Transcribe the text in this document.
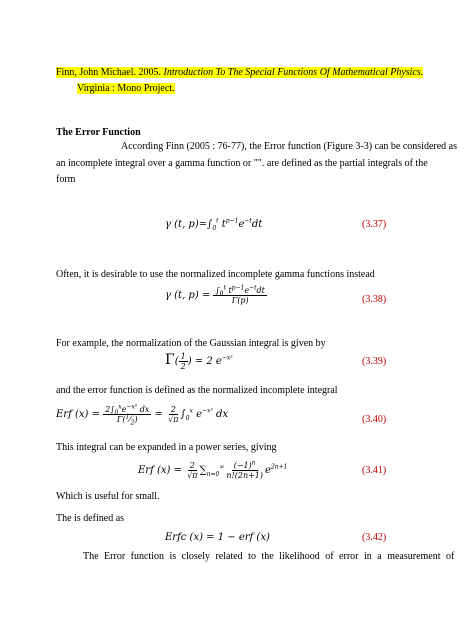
Finn, John Michael. 2005. Introduction To The Special Functions Of Mathematical Physics.
Virginia : Mono Project.
The Error Function
According Finn (2005 : 76-77), the Error function (Figure 3-3) can be considered as
an incomplete integral over a gamma function or "". are defined as the partial integrals of the
form
γ (t, $p)=\int_0^t$ $t^{p-1}e^{-t}dt$	(3.37)
Often, it is desirable to use the normalized incomplete gamma functions instead
γ (t, $p) = \frac{\int_0^t t^{p-1}e^{-t}dt}{\Gamma(p)}$	(3.38)
For example, the normalization of the Gaussian integral is given by
$\Gamma( \frac{1}{2}$ ) = 2 $e^{-x^2}$	(3.39)
and the error function is defined as the normalized incomplete integral
Erf $(x) = \frac{2\int_0^xe^{-x^2} dx}{\Gamma(^1⁄_2)} = \frac{2}{√\pi} \int_0^x$ $e^{-x^2}$ dx	(3.40)
This integral can be expanded in a power series, giving
Erf $(x) = \frac{2}{√\pi} \sum_{n=0}^\infty \frac{(-1)^n}{n!(2n+1)} e^{2n+1}$	(3.41)
Which is useful for small.
The is defined as
Erfc (x) = 1 − erf (x)	(3.42)
The Error function is closely related to the likelihood of error in a measurement of
